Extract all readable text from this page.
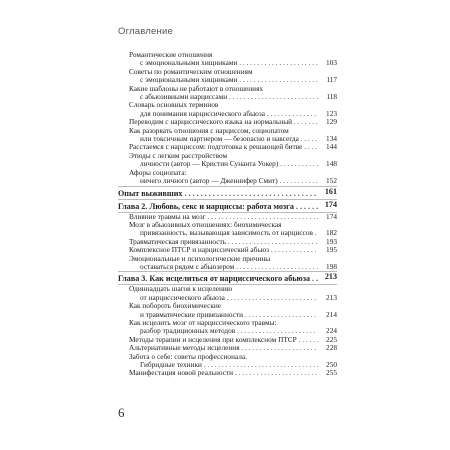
Оглавление
Романтические отношения
с эмоциональными хищниками . . .	103
Советы по романтическим отношениям
с эмоциональными хищниками . . .	117
Какие шаблоны не работают в отношениях
с абьюзивными нарциссами . . .	118
Словарь основных терминов
для понимания нарциссического абьюза . . .	123
Переводим с нарциссического языка на нормальный . . .	129
Как разорвать отношения с нарциссом, социопатом
или токсичным партнером — безопасно и навсегда . . .	134
Расстаемся с нарциссом: подготовка к решающей битве . . .	144
Этюды с легким расстройством
личности (автор — Кристин Сунанта Уокер) . . .	148
Афоры социопата:
ничего личного (автор — Дженнифер Смит) . . .	152
Опыт выживших . . .	161
Глава 2. Любовь, секс и нарциссы: работа мозга . . .	174
Влияние травмы на мозг . . .	174
Мозг в абьюзивных отношениях: биохимическая
привязанность, вызывающая зависимость от нарциссов . . .	182
Травматическая привязанность . . .	193
Комплексное ПТСР и нарциссический абьюз . . .	195
Эмоциональные и психологические причины
оставаться рядом с абьюзером . . .	198
Глава 3. Как исцелиться от нарциссического абьюза . . .	213
Одиннадцать шагов к исцелению
от нарциссического абьюза . . .	213
Как побороть биохимические
и травматические привязанности . . .	214
Как исцелить мозг от нарциссического травмы:
разбор традиционных методов . . .	224
Методы терапии и исцеления при комплексном ПТСР . . .	225
Альтернативные методы исцеления . . .	228
Забота о себе: советы профессионала.
Гибридные техники . . .	250
Манифестация новой реальности . . .	255
6
